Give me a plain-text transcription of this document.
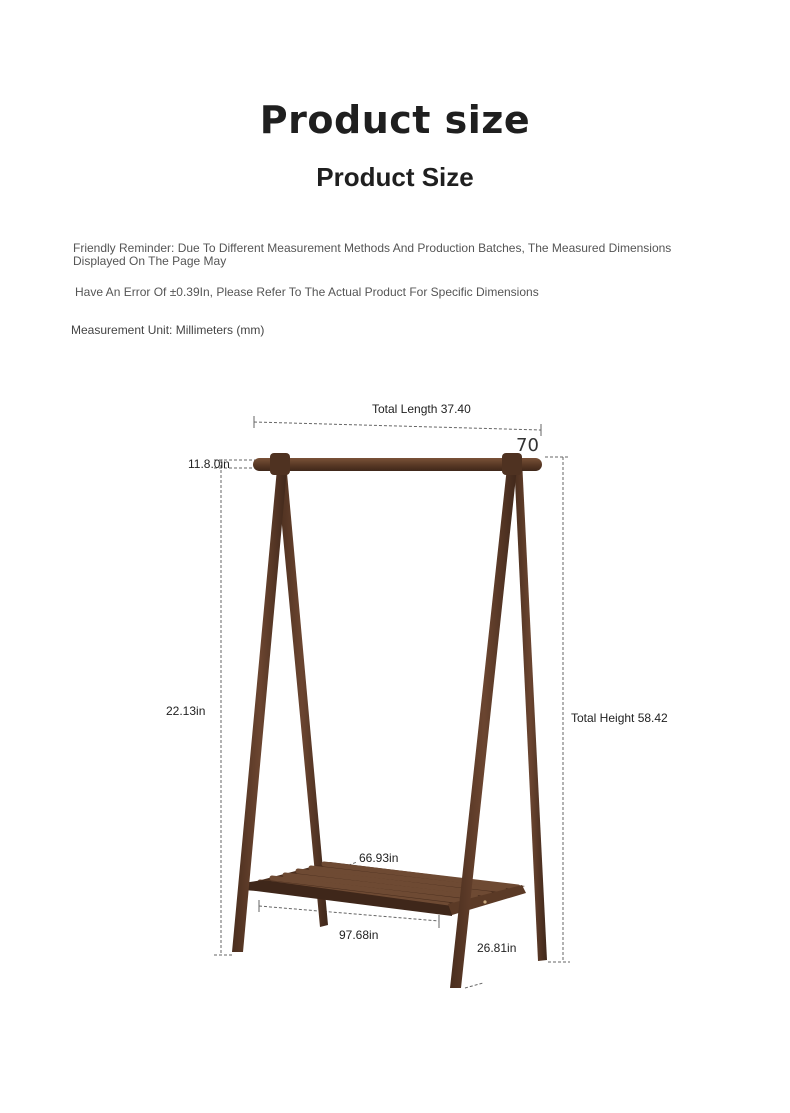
Product size
Product Size
Friendly Reminder: Due To Different Measurement Methods And Production Batches, The Measured Dimensions Displayed On The Page May
Have An Error Of ±0.39In, Please Refer To The Actual Product For Specific Dimensions
Measurement Unit: Millimeters (mm)
Total Length 37.40
70
11.8.0in
22.13in	Total Height 58.42
66.93in
97.68in
26.81in
